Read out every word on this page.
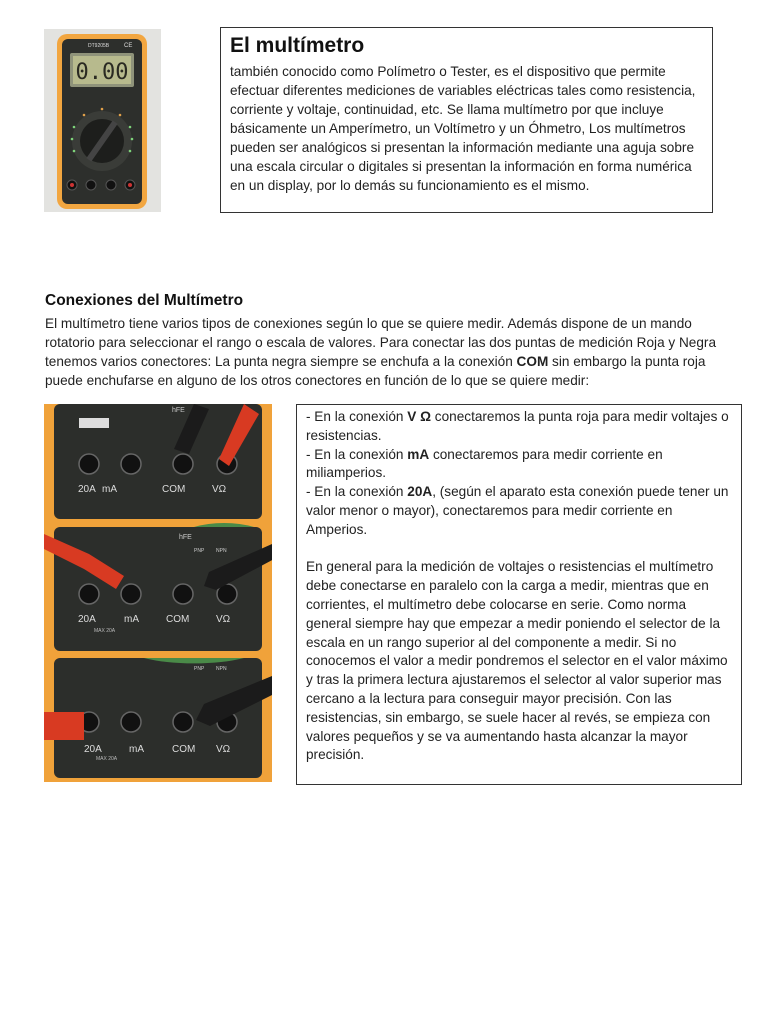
DT9205B CE
0.00
El multímetro
también conocido como Polímetro o Tester, es el dispositivo que permite efectuar diferentes mediciones de variables eléctricas tales como resistencia, corriente y voltaje, continuidad, etc. Se llama multímetro por que incluye básicamente un Amperímetro, un Voltímetro y un Óhmetro, Los multímetros pueden ser analógicos si presentan la información mediante una aguja sobre una escala circular o digitales si presentan la información en forma numérica en un display, por lo demás su funcionamiento es el mismo.
Conexiones del Multímetro
El multímetro tiene varios tipos de conexiones según lo que se quiere medir. Además dispone de un mando rotatorio para seleccionar el rango o escala de valores. Para conectar las dos puntas de medición Roja y Negra tenemos varios conectores: La punta negra siempre se enchufa a la conexión COM sin embargo la punta roja puede enchufarse en alguno de los otros conectores en función de lo que se quiere medir:
hFE
20A mA	COM	VΩ
hFE
PNP NPN
20A
MAX 20A
mA	COM	VΩ
PNP NPN
20A
MAX 20A
mA	COM VΩ

- En la conexión V Ω conectaremos la punta roja para medir voltajes o resistencias.

- En la conexión mA conectaremos para medir corriente en miliamperios.

- En la conexión 20A, (según el aparato esta conexión puede tener un valor menor o mayor), conectaremos para medir corriente en Amperios.

En general para la medición de voltajes o resistencias el multímetro debe conectarse en paralelo con la carga a medir, mientras que en corrientes, el multímetro debe colocarse en serie. Como norma general siempre hay que empezar a medir poniendo el selector de la escala en un rango superior al del componente a medir. Si no conocemos el valor a medir pondremos el selector en el valor máximo y tras la primera lectura ajustaremos el selector al valor superior mas cercano a la lectura para conseguir mayor precisión. Con las resistencias, sin embargo, se suele hacer al revés, se empieza con valores pequeños y se va aumentando hasta alcanzar la mayor precisión.
